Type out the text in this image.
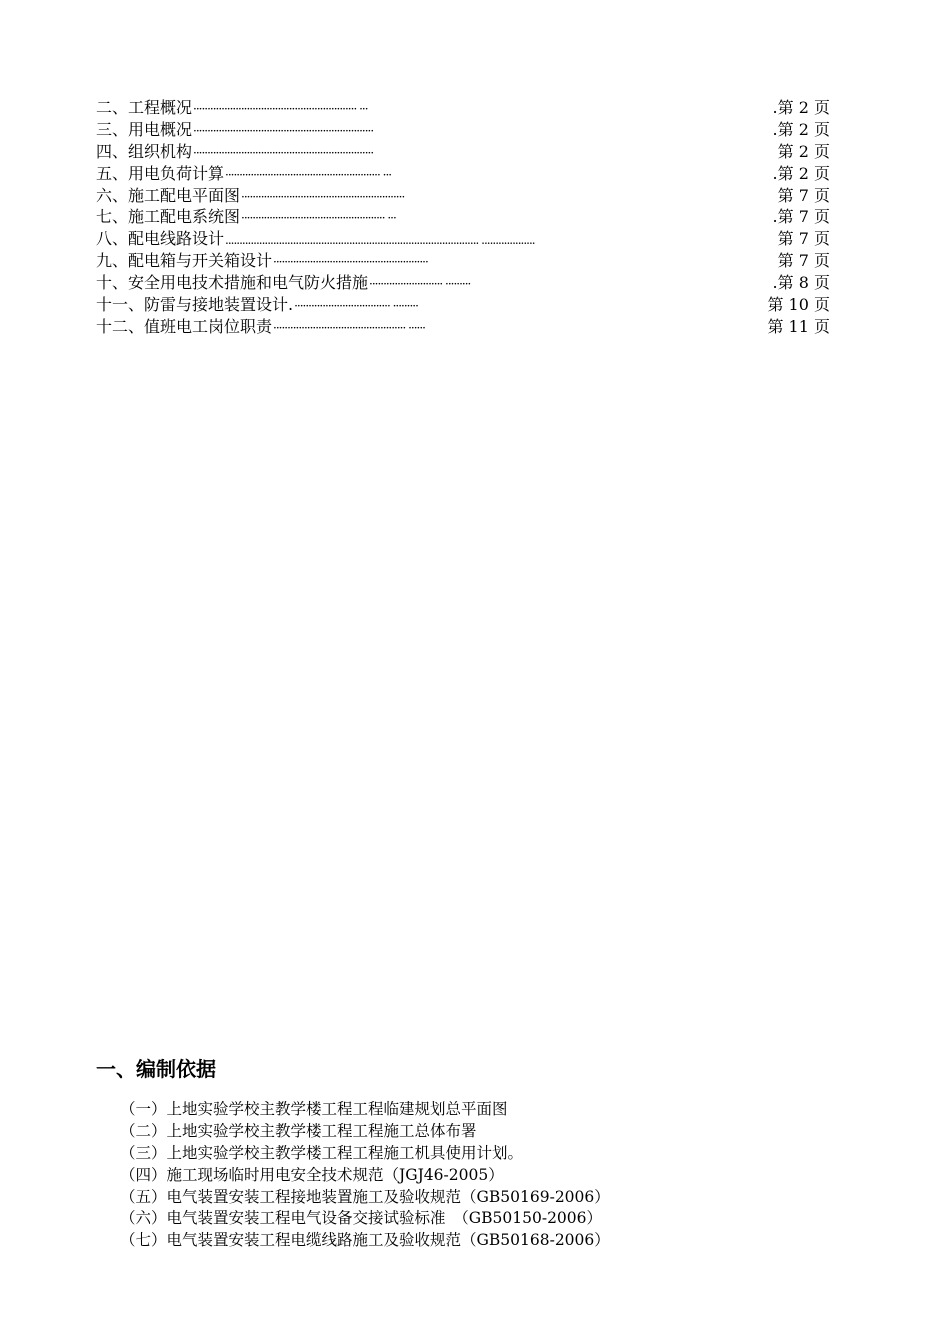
二、工程概况 ·························································· ···	.第 2 页
三、用电概况 ································································	.第 2 页
四、组织机构 ································································	第 2 页
五、用电负荷计算 ······················································· ···	.第 2 页
六、施工配电平面图 ··························································	第 7 页
七、施工配电系统图 ··················································· ···	.第 7 页
八、配电线路设计 .......................................................................................... ...................	第 7 页
九、配电箱与开关箱设计 ·······················································	第 7 页
十、安全用电技术措施和电气防火措施 ·························· ·········	.第 8 页
十一、防雷与接地装置设计. ·································· ·········	第 10 页
十二、值班电工岗位职责 ··············································· ······	第 11 页
一、编制依据
（一）上地实验学校主教学楼工程工程临建规划总平面图
（二）上地实验学校主教学楼工程工程施工总体布署
（三）上地实验学校主教学楼工程工程施工机具使用计划。
（四）施工现场临时用电安全技术规范（JGJ46-2005）
（五）电气装置安装工程接地装置施工及验收规范（GB50169-2006）
（六）电气装置安装工程电气设备交接试验标准　（GB50150-2006）
（七）电气装置安装工程电缆线路施工及验收规范（GB50168-2006）
